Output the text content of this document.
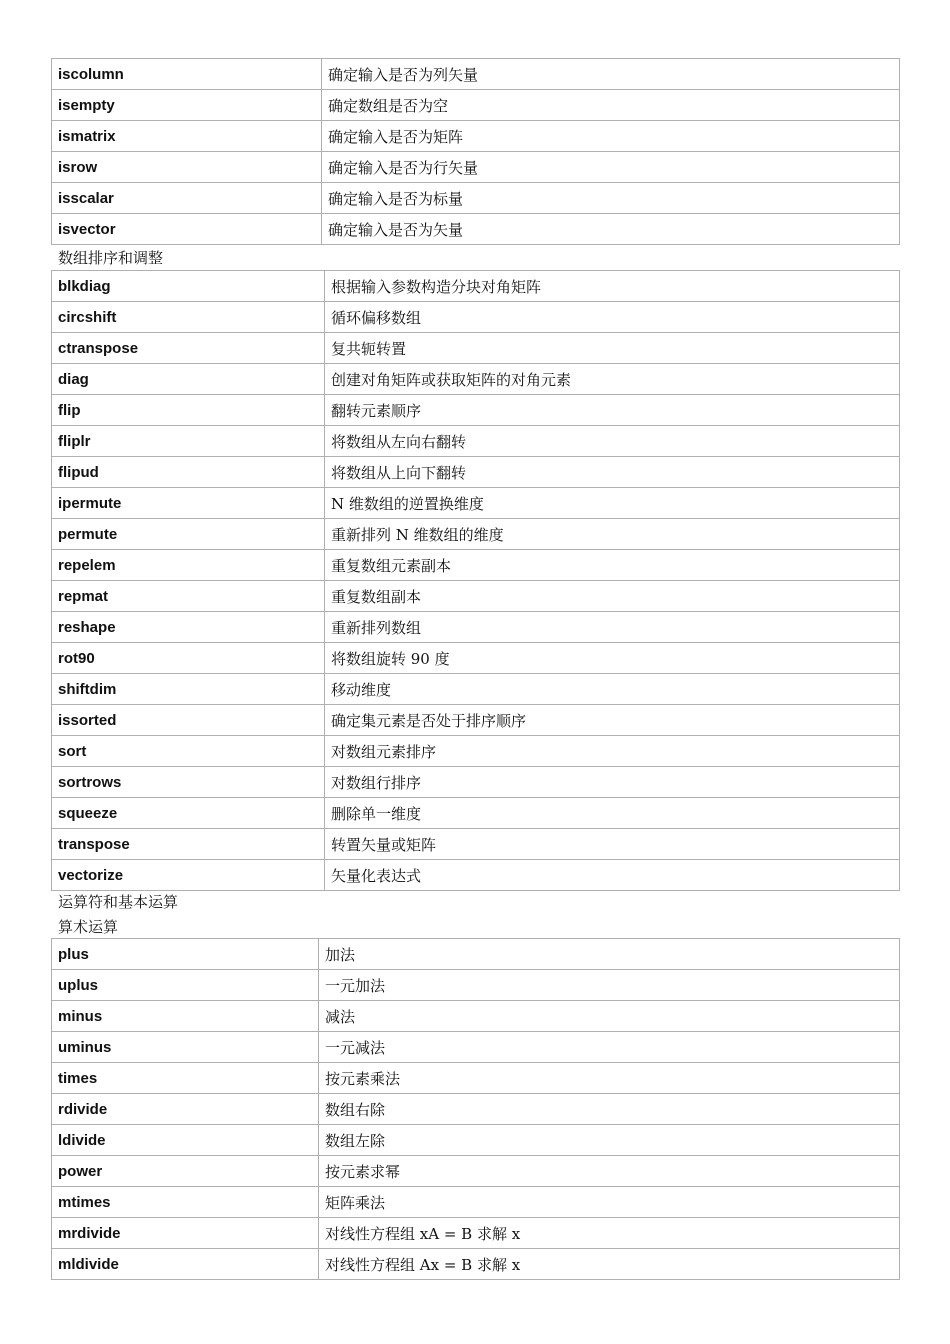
iscolumn	确定输入是否为列矢量
isempty	确定数组是否为空
ismatrix	确定输入是否为矩阵
isrow	确定输入是否为行矢量
isscalar	确定输入是否为标量
isvector	确定输入是否为矢量
数组排序和调整
blkdiag	根据输入参数构造分块对角矩阵
circshift	循环偏移数组
ctranspose	复共轭转置
diag	创建对角矩阵或获取矩阵的对角元素
flip	翻转元素顺序
fliplr	将数组从左向右翻转
flipud	将数组从上向下翻转
ipermute	N 维数组的逆置换维度
permute	重新排列 N 维数组的维度
repelem	重复数组元素副本
repmat	重复数组副本
reshape	重新排列数组
rot90	将数组旋转 90 度
shiftdim	移动维度
issorted	确定集元素是否处于排序顺序
sort	对数组元素排序
sortrows	对数组行排序
squeeze	删除单一维度
transpose	转置矢量或矩阵
vectorize	矢量化表达式
运算符和基本运算
算术运算
plus	加法
uplus	一元加法
minus	减法
uminus	一元减法
times	按元素乘法
rdivide	数组右除
ldivide	数组左除
power	按元素求幂
mtimes	矩阵乘法
mrdivide	对线性方程组 xA = B 求解 x
mldivide	对线性方程组 Ax = B 求解 x
